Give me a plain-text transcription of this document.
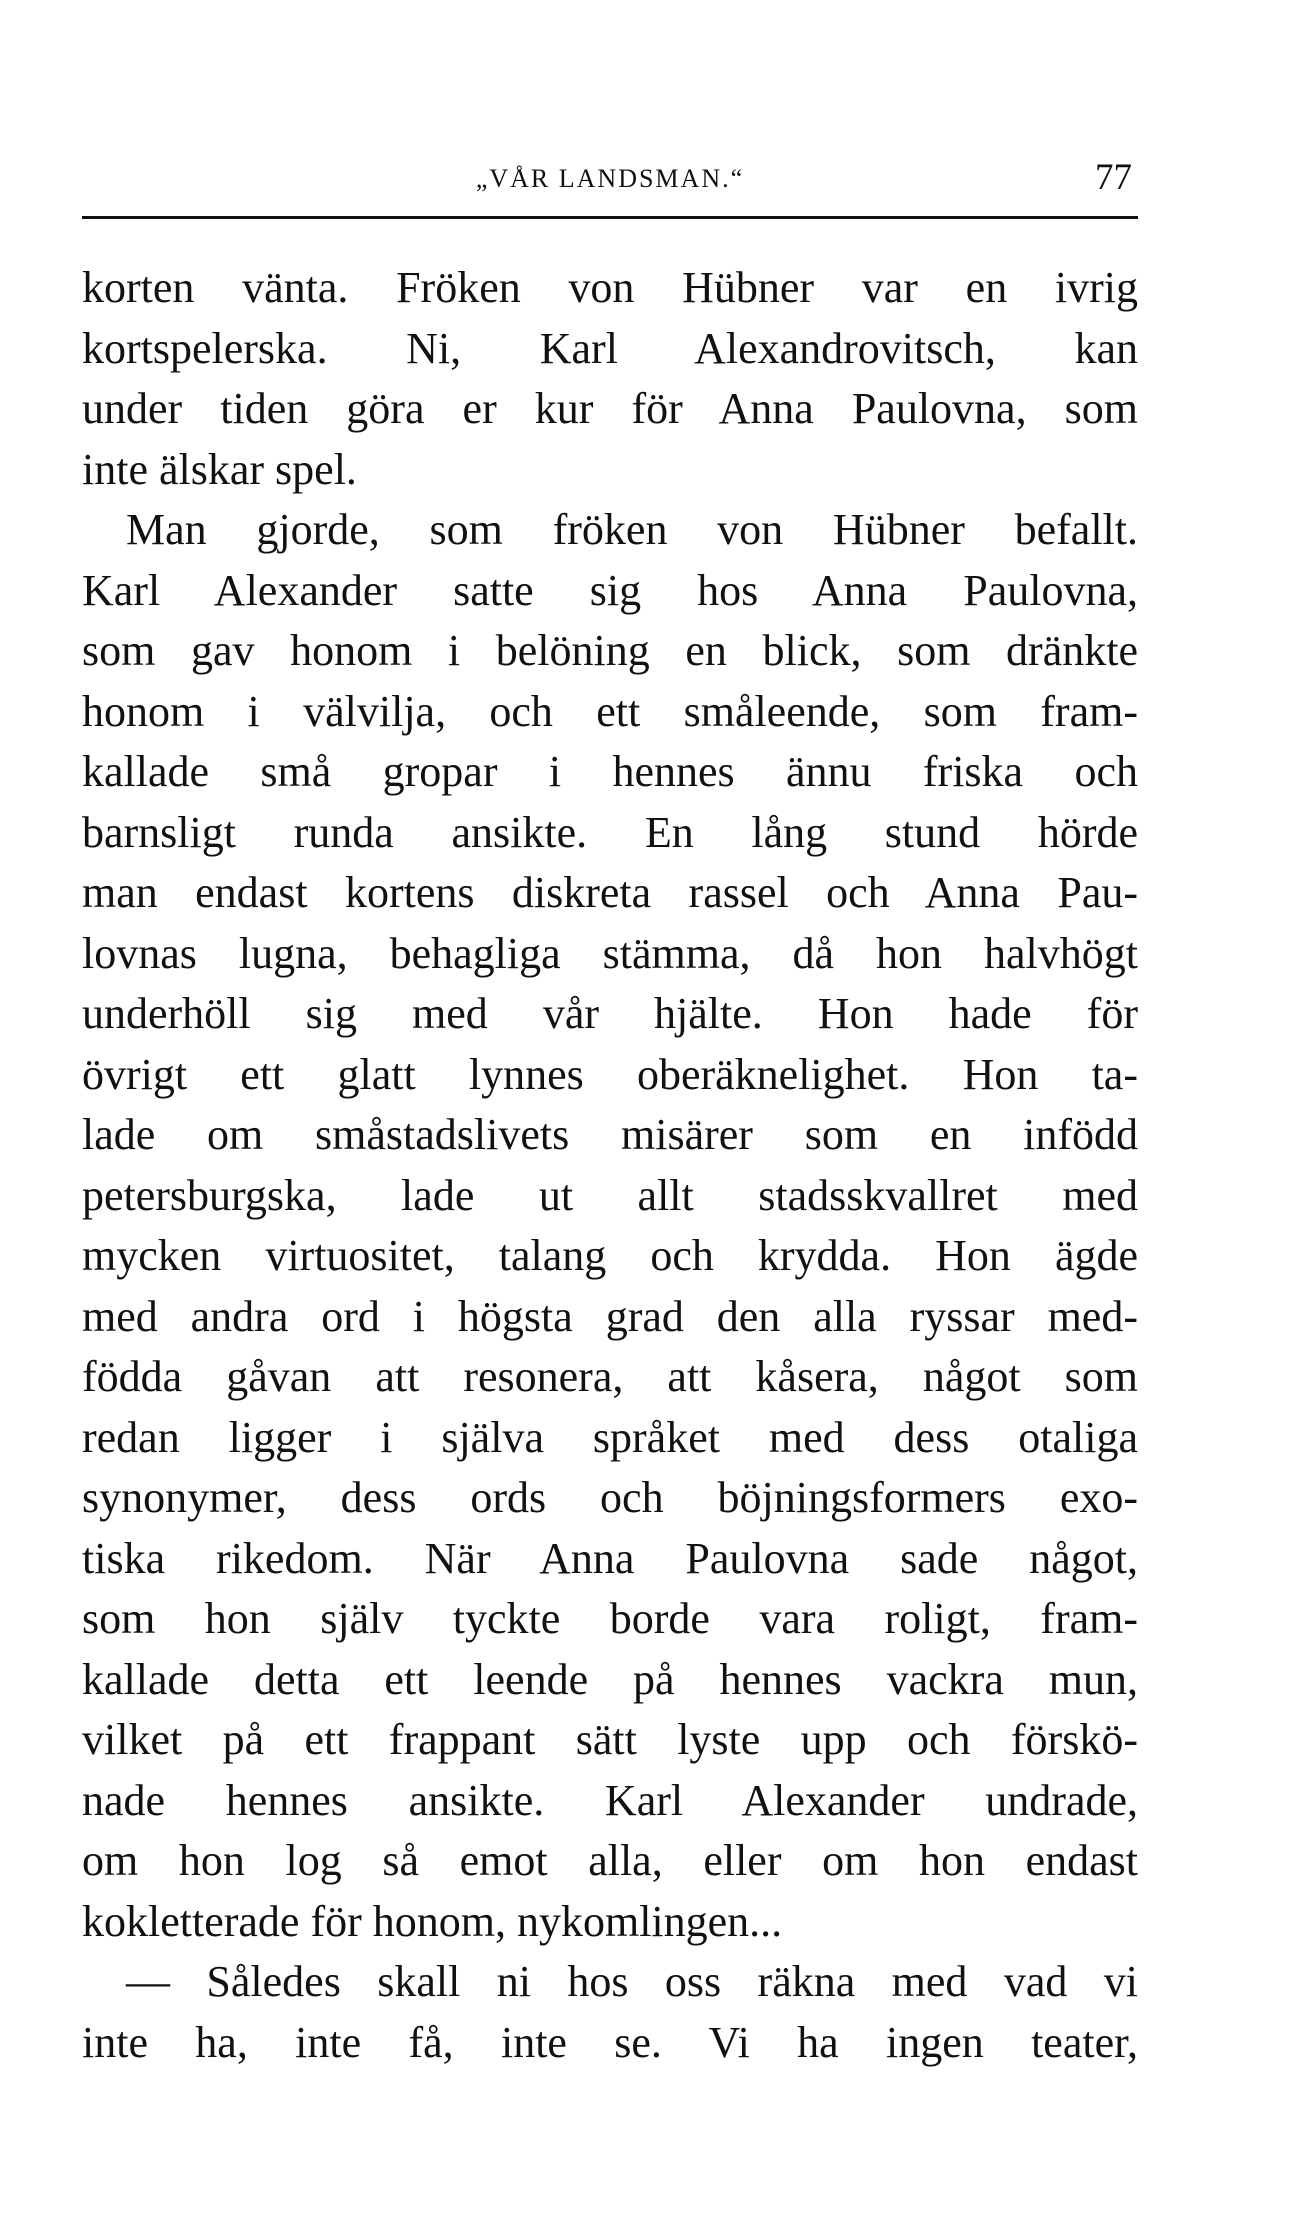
„VÅR LANDSMAN.“	77
korten vänta. Fröken von Hübner var en ivrig
kortspelerska. Ni, Karl Alexandrovitsch, kan
under tiden göra er kur för Anna Paulovna, som
inte älskar spel.
Man gjorde, som fröken von Hübner befallt.
Karl Alexander satte sig hos Anna Paulovna,
som gav honom i belöning en blick, som dränkte
honom i välvilja, och ett småleende, som fram-
kallade små gropar i hennes ännu friska och
barnsligt runda ansikte. En lång stund hörde
man endast kortens diskreta rassel och Anna Pau-
lovnas lugna, behagliga stämma, då hon halvhögt
underhöll sig med vår hjälte. Hon hade för
övrigt ett glatt lynnes oberäknelighet. Hon ta-
lade om småstadslivets misärer som en infödd
petersburgska, lade ut allt stadsskvallret med
mycken virtuositet, talang och krydda. Hon ägde
med andra ord i högsta grad den alla ryssar med-
födda gåvan att resonera, att kåsera, något som
redan ligger i själva språket med dess otaliga
synonymer, dess ords och böjningsformers exo-
tiska rikedom. När Anna Paulovna sade något,
som hon själv tyckte borde vara roligt, fram-
kallade detta ett leende på hennes vackra mun,
vilket på ett frappant sätt lyste upp och förskö-
nade hennes ansikte. Karl Alexander undrade,
om hon log så emot alla, eller om hon endast
kokletterade för honom, nykomlingen...
— Således skall ni hos oss räkna med vad vi
inte ha, inte få, inte se. Vi ha ingen teater,
